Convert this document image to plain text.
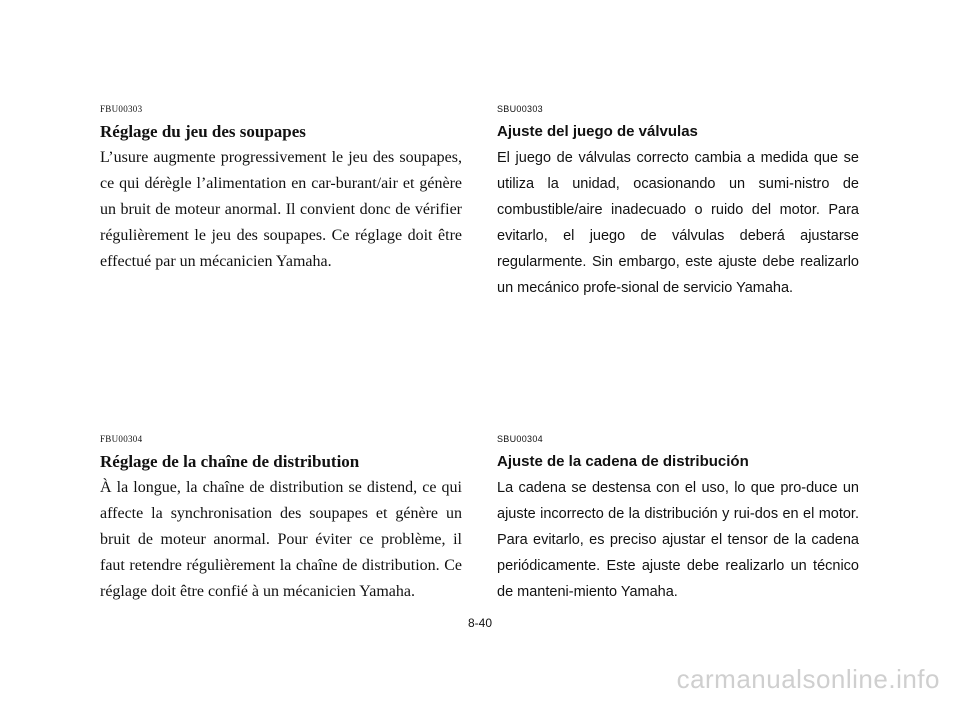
FBU00303

Réglage du jeu des soupapes

L’usure augmente progressivement le jeu des soupapes, ce qui dérègle l’alimentation en car-burant/air et génère un bruit de moteur anormal. Il convient donc de vérifier régulièrement le jeu des soupapes. Ce réglage doit être effectué par un mécanicien Yamaha.

FBU00304

Réglage de la chaîne de distribution

À la longue, la chaîne de distribution se distend, ce qui affecte la synchronisation des soupapes et génère un bruit de moteur anormal. Pour éviter ce problème, il faut retendre régulièrement la chaîne de distribution. Ce réglage doit être confié à un mécanicien Yamaha.

SBU00303

Ajuste del juego de válvulas

El juego de válvulas correcto cambia a medida que se utiliza la unidad, ocasionando un sumi-nistro de combustible/aire inadecuado o ruido del motor. Para evitarlo, el juego de válvulas deberá ajustarse regularmente. Sin embargo, este ajuste debe realizarlo un mecánico profe-sional de servicio Yamaha.

SBU00304

Ajuste de la cadena de distribución

La cadena se destensa con el uso, lo que pro-duce un ajuste incorrecto de la distribución y rui-dos en el motor. Para evitarlo, es preciso ajustar el tensor de la cadena periódicamente. Este ajuste debe realizarlo un técnico de manteni-miento Yamaha.

8-40
carmanualsonline.info
